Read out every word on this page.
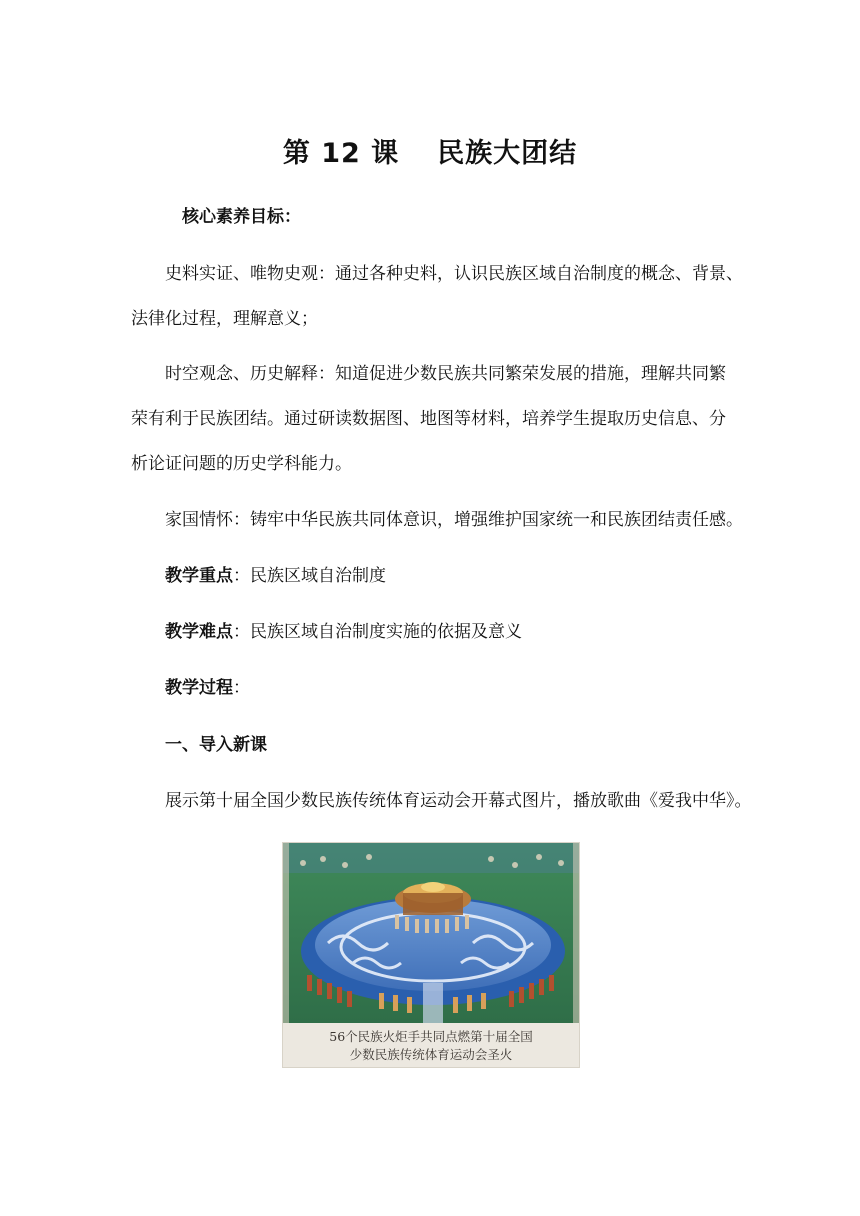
第 12 课 民族大团结
核心素养目标：
史料实证、唯物史观：通过各种史料，认识民族区域自治制度的概念、背景、
法律化过程，理解意义；
时空观念、历史解释：知道促进少数民族共同繁荣发展的措施，理解共同繁
荣有利于民族团结。通过研读数据图、地图等材料，培养学生提取历史信息、分
析论证问题的历史学科能力。
家国情怀：铸牢中华民族共同体意识，增强维护国家统一和民族团结责任感。
教学重点：民族区域自治制度
教学难点：民族区域自治制度实施的依据及意义
教学过程：
一、导入新课
展示第十届全国少数民族传统体育运动会开幕式图片，播放歌曲《爱我中华》。
56个民族火炬手共同点燃第十届全国
少数民族传统体育运动会圣火
